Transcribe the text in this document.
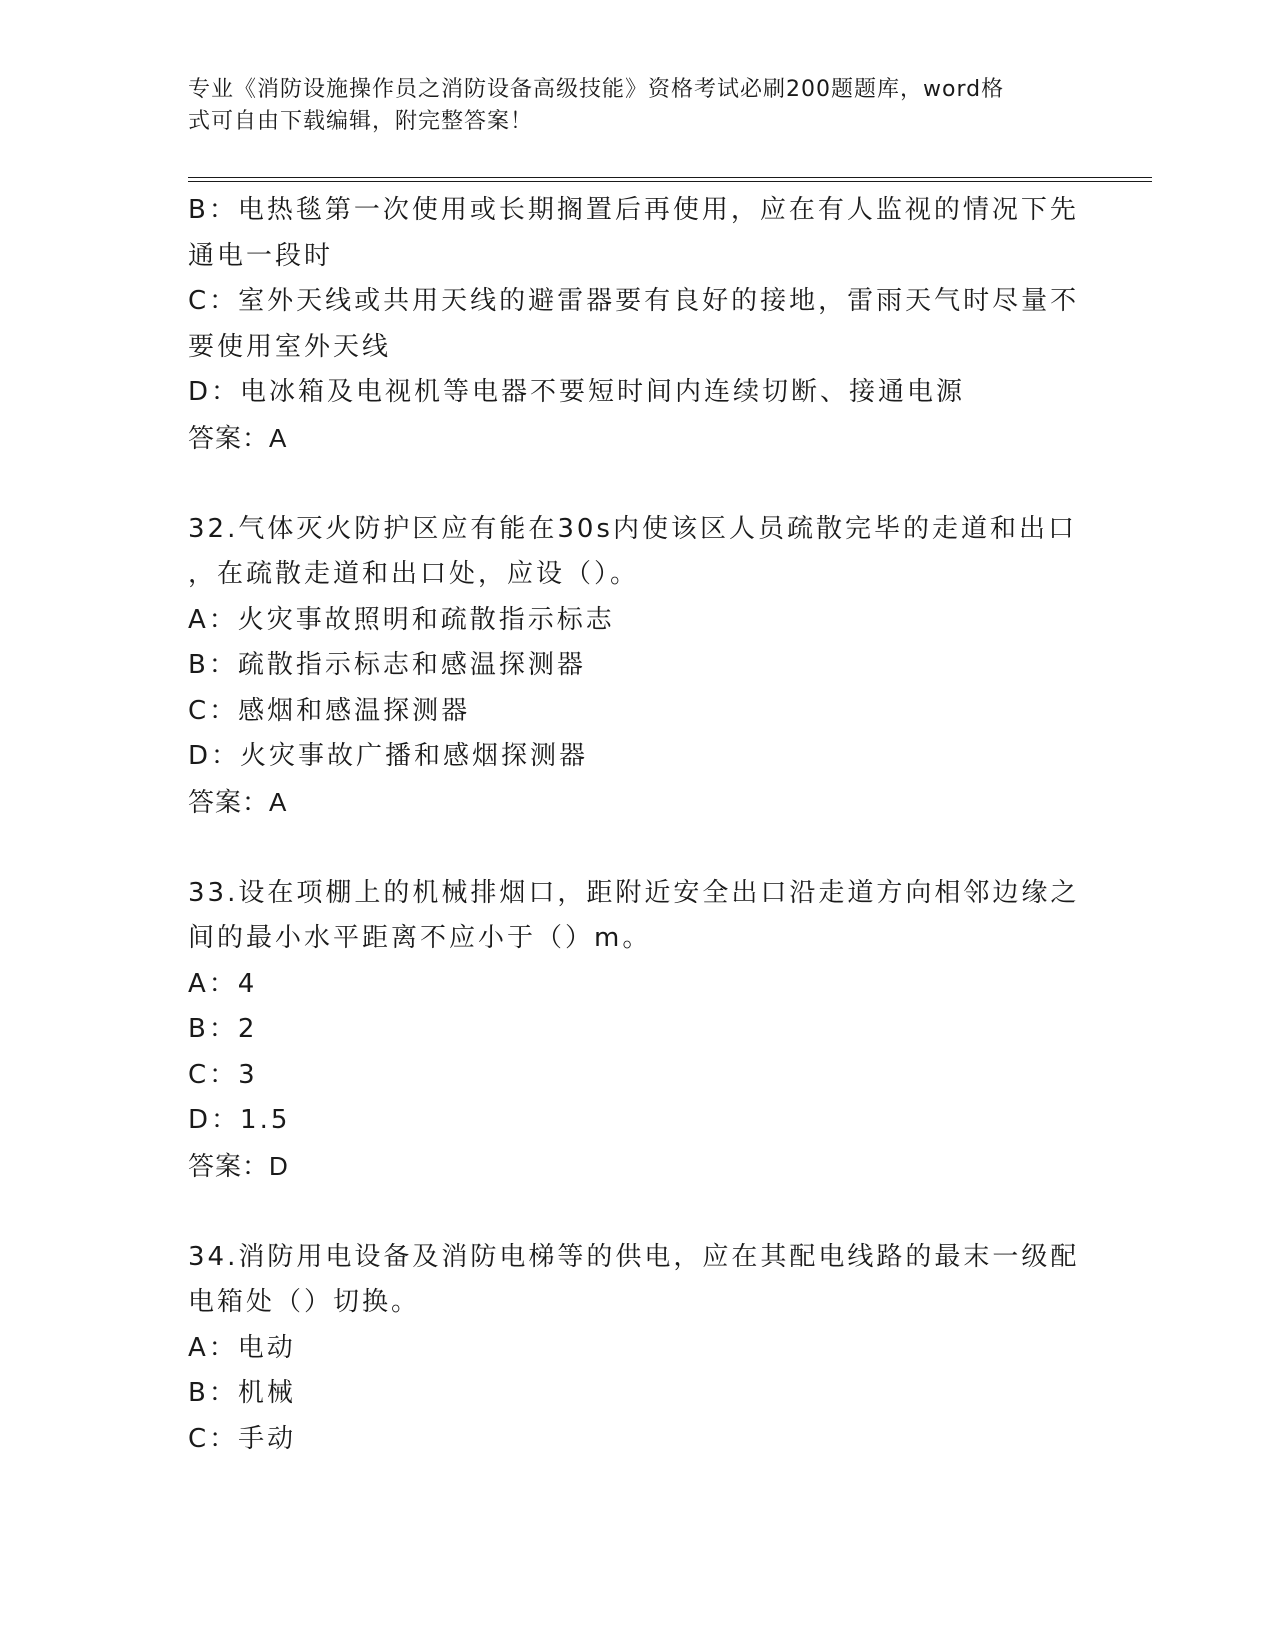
专业《消防设施操作员之消防设备高级技能》资格考试必刷200题题库，word格
式可自由下载编辑，附完整答案！
B：电热毯第一次使用或长期搁置后再使用，应在有人监视的情况下先
通电一段时
C：室外天线或共用天线的避雷器要有良好的接地，雷雨天气时尽量不
要使用室外天线
D：电冰箱及电视机等电器不要短时间内连续切断、接通电源
答案：A
32.气体灭火防护区应有能在30s内使该区人员疏散完毕的走道和出口
，在疏散走道和出口处，应设（）。
A：火灾事故照明和疏散指示标志
B：疏散指示标志和感温探测器
C：感烟和感温探测器
D：火灾事故广播和感烟探测器
答案：A
33.设在项棚上的机械排烟口，距附近安全出口沿走道方向相邻边缘之
间的最小水平距离不应小于（）m。
A：4
B：2
C：3
D：1.5
答案：D
34.消防用电设备及消防电梯等的供电，应在其配电线路的最末一级配
电箱处（）切换。
A：电动
B：机械
C：手动
